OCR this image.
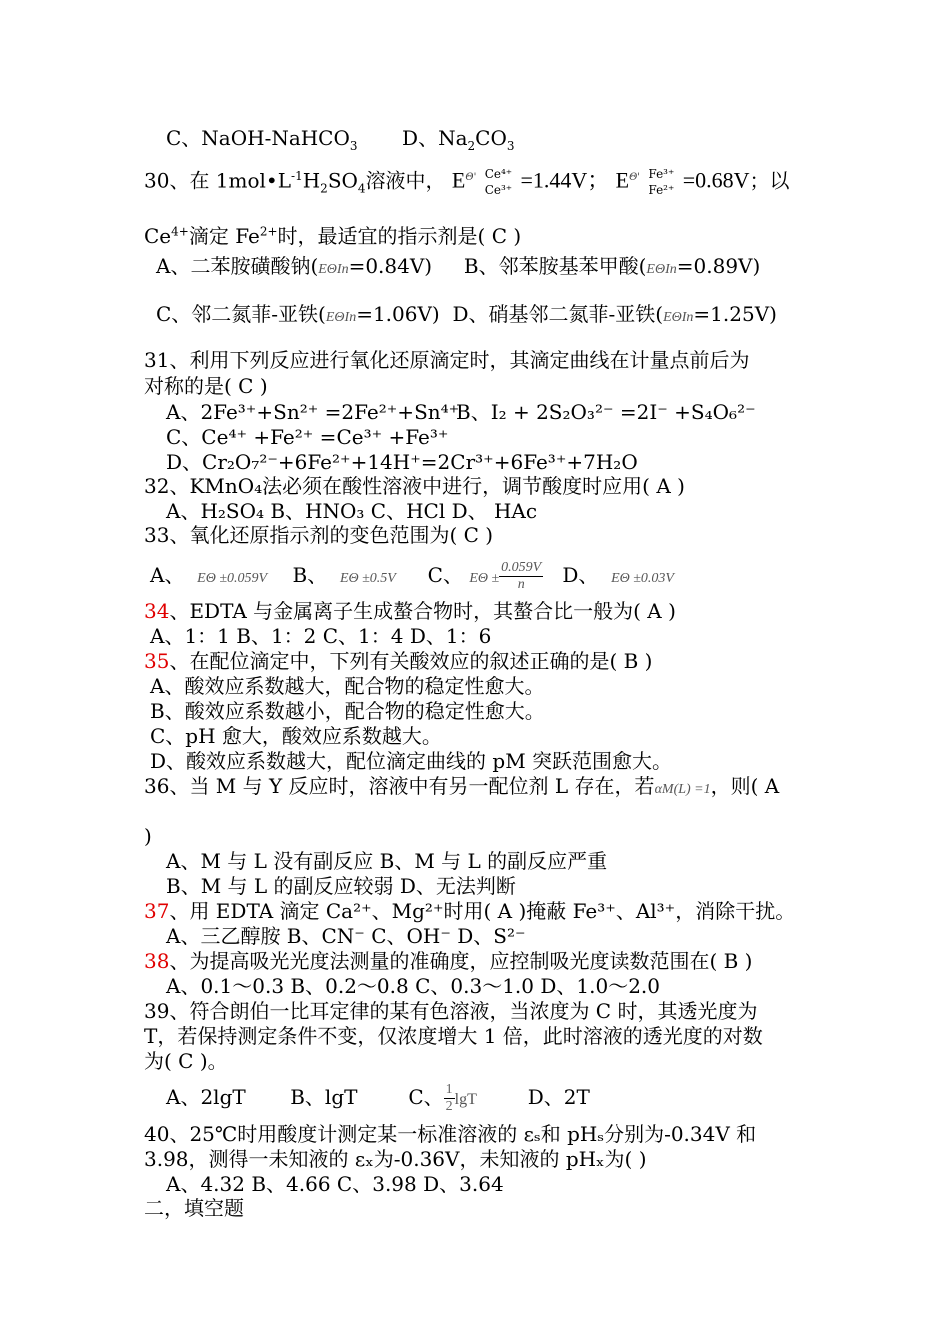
C、NaOH-NaHCO$_3$ D、$Na_2CO_3$
30、在 $1mol•L^{-1}H_2SO_4$溶液中， $E^{\Theta'}$ Ce⁴⁺
Ce³⁺ =1.44V； $E^{\Theta'}$ Fe³⁺
Fe²⁺ =0.68V；以
$Ce^{4+}$滴定 $Fe^{2+}$时，最适宜的指示剂是( C )
A、二苯胺磺酸钠(EΘIn=0.84V) B、邻苯胺基苯甲酸(EΘIn=0.89V)
C、邻二氮菲-亚铁(EΘIn=1.06V) D、硝基邻二氮菲-亚铁(EΘIn=1.25V)
31、利用下列反应进行氧化还原滴定时，其滴定曲线在计量点前后为
对称的是( C )
A、2Fe³⁺+Sn²⁺ =2Fe²⁺+Sn⁴⁺
B、I₂ + 2S₂O₃²⁻ =2I⁻ +S₄O₆²⁻
C、Ce⁴⁺ +Fe²⁺ =Ce³⁺ +Fe³⁺
D、Cr₂O₇²⁻+6Fe²⁺+14H⁺=2Cr³⁺+6Fe³⁺+7H₂O
32、KMnO₄法必须在酸性溶液中进行，调节酸度时应用( A )
A、H₂SO₄ B、HNO₃ C、HCl D、 HAc
33、氧化还原指示剂的变色范围为( C )
A、 EΘ ±0.059V B、 EΘ ±0.5V C、 $E\Theta \pm \frac{0.059V}{n}$ D、 EΘ ±0.03V
34、EDTA 与金属离子生成螯合物时，其螯合比一般为( A )
A、1：1 B、1：2 C、1：4 D、1：6
35、在配位滴定中，下列有关酸效应的叙述正确的是( B )
A、酸效应系数越大，配合物的稳定性愈大。
B、酸效应系数越小，配合物的稳定性愈大。
C、pH 愈大，酸效应系数越大。
D、酸效应系数越大，配位滴定曲线的 pM 突跃范围愈大。
36、当 M 与 Y 反应时，溶液中有另一配位剂 L 存在，若αM(L) =1，则( A
)
A、M 与 L 没有副反应 B、M 与 L 的副反应严重
B、M 与 L 的副反应较弱 D、无法判断
37、用 EDTA 滴定 Ca²⁺、Mg²⁺时用( A )掩蔽 Fe³⁺、Al³⁺，消除干扰。
A、三乙醇胺 B、CN⁻ C、OH⁻ D、S²⁻
38、为提高吸光光度法测量的准确度，应控制吸光度读数范围在( B )
A、0.1～0.3 B、0.2～0.8 C、0.3～1.0 D、1.0～2.0
39、符合朗伯一比耳定律的某有色溶液，当浓度为 C 时，其透光度为
T，若保持测定条件不变，仅浓度增大 1 倍，此时溶液的透光度的对数
为( C )。
A、2lgT B、lgT	C、 $\frac{1}{2}$ lgT	D、2T
40、25℃时用酸度计测定某一标准溶液的 εₛ和 pHₛ分别为-0.34V 和
3.98，测得一未知液的 εₓ为-0.36V，未知液的 pHₓ为( )
A、4.32 B、4.66 C、3.98 D、3.64
二，填空题
